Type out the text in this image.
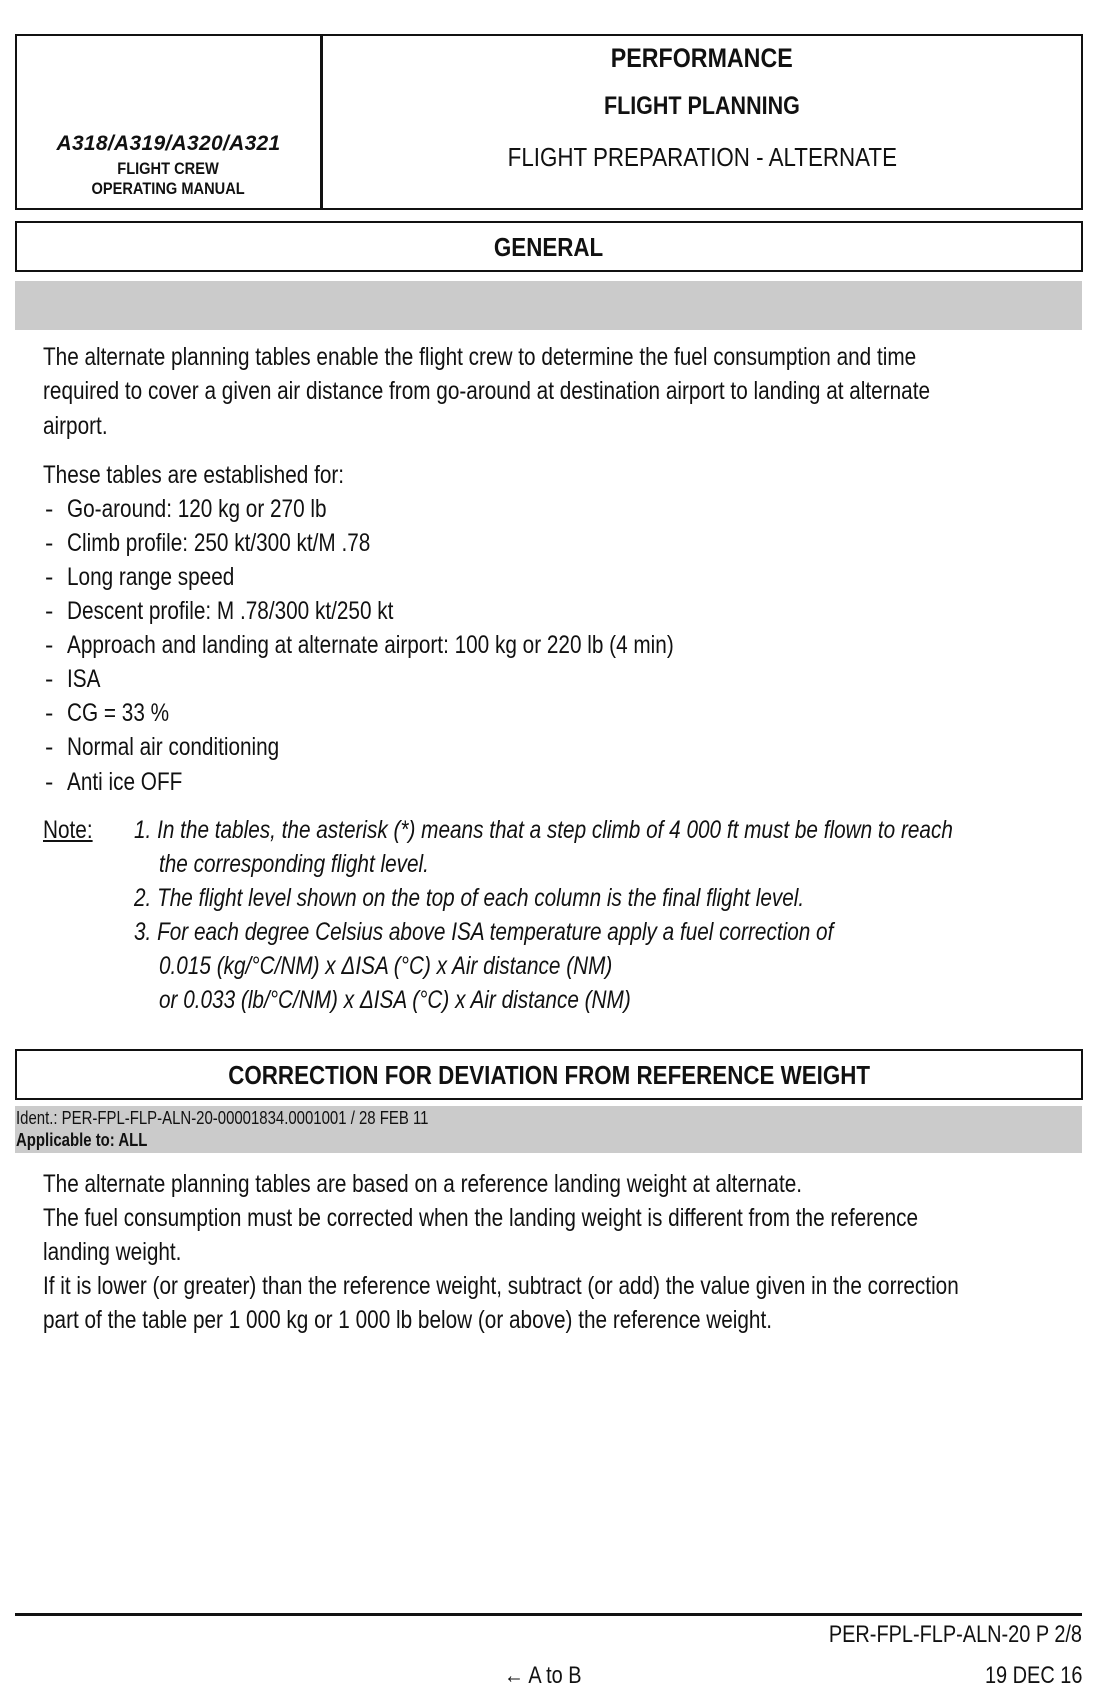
A318/A319/A320/A321
FLIGHT CREW
OPERATING MANUAL
PERFORMANCE
FLIGHT PLANNING
FLIGHT PREPARATION - ALTERNATE
GENERAL
The alternate planning tables enable the flight crew to determine the fuel consumption and time
required to cover a given air distance from go-around at destination airport to landing at alternate
airport.
These tables are established for:
- Go-around: 120 kg or 270 lb
- Climb profile: 250 kt/300 kt/M .78
- Long range speed
- Descent profile: M .78/300 kt/250 kt
- Approach and landing at alternate airport: 100 kg or 220 lb (4 min)
- ISA
- CG = 33 %
- Normal air conditioning
- Anti ice OFF
Note: 1. In the tables, the asterisk (*) means that a step climb of 4 000 ft must be flown to reach
the corresponding flight level.
2. The flight level shown on the top of each column is the final flight level.
3. For each degree Celsius above ISA temperature apply a fuel correction of
0.015 (kg/°C/NM) x ΔISA (°C) x Air distance (NM)
or 0.033 (lb/°C/NM) x ΔISA (°C) x Air distance (NM)
CORRECTION FOR DEVIATION FROM REFERENCE WEIGHT
Ident.: PER-FPL-FLP-ALN-20-00001834.0001001 / 28 FEB 11
Applicable to: ALL
The alternate planning tables are based on a reference landing weight at alternate.
The fuel consumption must be corrected when the landing weight is different from the reference
landing weight.
If it is lower (or greater) than the reference weight, subtract (or add) the value given in the correction
part of the table per 1 000 kg or 1 000 lb below (or above) the reference weight.
PER-FPL-FLP-ALN-20 P 2/8
← A to B	19 DEC 16
